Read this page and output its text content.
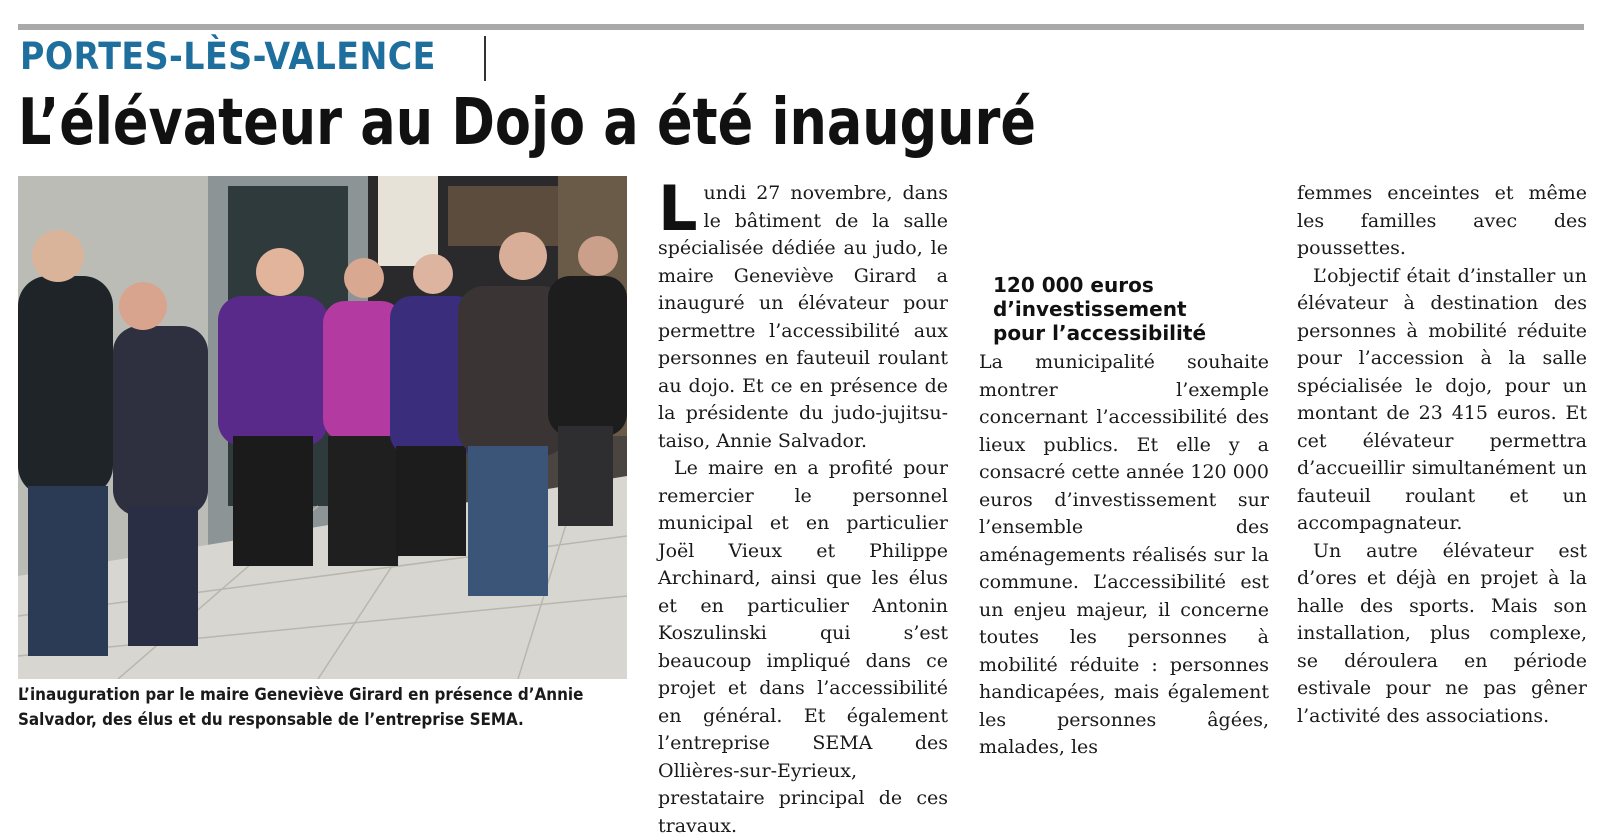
PORTES-LÈS-VALENCE
L’élévateur au Dojo a été inauguré
L’inauguration par le maire Geneviève Girard en présence d’Annie
Salvador, des élus et du responsable de l’entreprise SEMA.

Lundi 27 novembre, dans le bâtiment de la salle spécialisée dédiée au judo, le maire Geneviève Girard a inauguré un élévateur pour permettre l’accessibilité aux personnes en fauteuil roulant au dojo. Et ce en présence de la présidente du judo-jujitsu-taiso, Annie Salvador.

Le maire en a profité pour remercier le personnel municipal et en particulier Joël Vieux et Philippe Archinard, ainsi que les élus et en particulier Antonin Koszulinski qui s’est beaucoup impliqué dans ce projet et dans l’accessibilité en général. Et également l’entreprise SEMA des Ollières-sur-Eyrieux, prestataire principal de ces travaux.

120 000 euros
d’investissement
pour l’accessibilité

La municipalité souhaite montrer l’exemple concernant l’accessibilité des lieux publics. Et elle y a consacré cette année 120 000 euros d’investissement sur l’ensemble des aménagements réalisés sur la commune. L’accessibilité est un enjeu majeur, il concerne toutes les personnes à mobilité réduite : personnes handicapées, mais également les personnes âgées, malades, les

femmes enceintes et même les familles avec des poussettes.

L’objectif était d’installer un élévateur à destination des personnes à mobilité réduite pour l’accession à la salle spécialisée le dojo, pour un montant de 23 415 euros. Et cet élévateur permettra d’accueillir simultanément un fauteuil roulant et un accompagnateur.

Un autre élévateur est d’ores et déjà en projet à la halle des sports. Mais son installation, plus complexe, se déroulera en période estivale pour ne pas gêner l’activité des associations.
